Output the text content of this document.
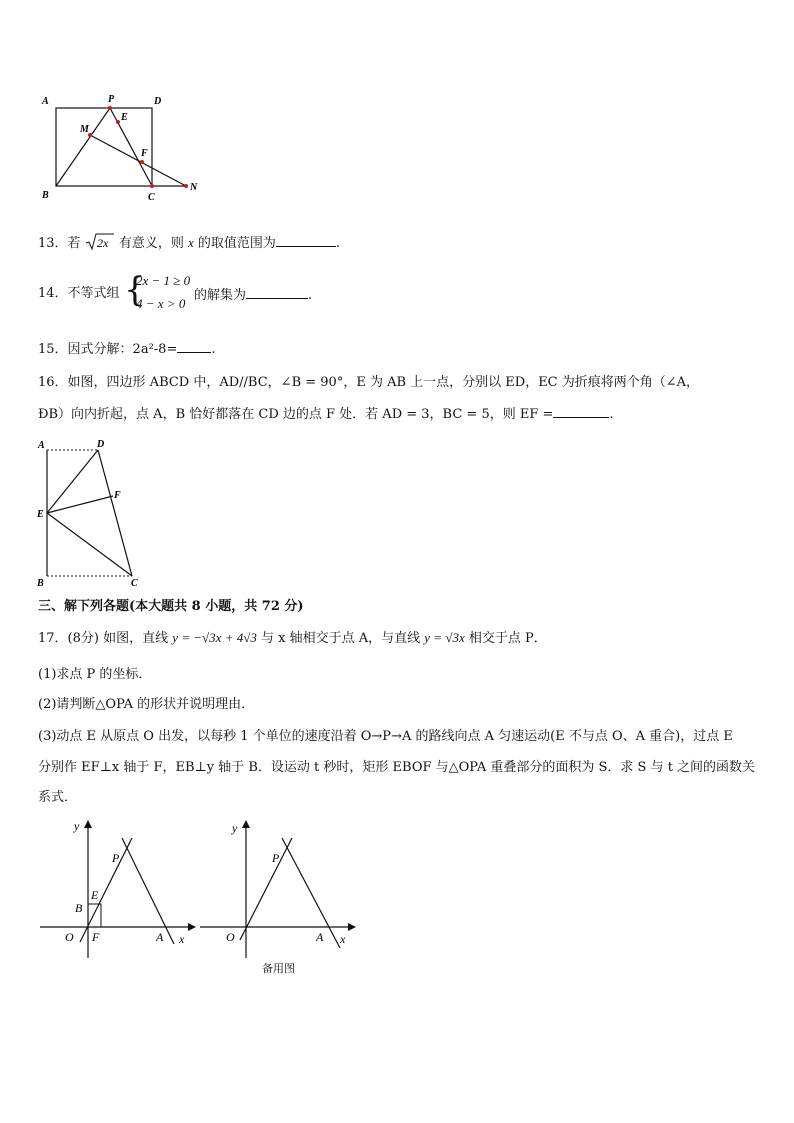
A	P	D
M
E
F
B	C
N
13．若 2x 有意义，则 x 的取值范围为	.
14．不等式组 {
2x − 1 ≥ 0
4 − x > 0
的解集为	.
15．因式分解：2a²-8=	.
16．如图，四边形 ABCD 中，AD//BC，∠B = 90°，E 为 AB 上一点，分别以 ED，EC 为折痕将两个角（∠A，
ÐB）向内折起，点 A，B 恰好都落在 CD 边的点 F 处．若 AD = 3，BC = 5，则 EF =	.
A	D
F
E
B	C
三、解下列各题(本大题共 8 小题，共 72 分)
17．(8分) 如图，直线 y = −√3x + 4√3 与 x 轴相交于点 A，与直线 y = √3x 相交于点 P．
(1)求点 P 的坐标．
(2)请判断△OPA 的形状并说明理由．
(3)动点 E 从原点 O 出发，以每秒 1 个单位的速度沿着 O→P→A 的路线向点 A 匀速运动(E 不与点 O、A 重合)，过点 E
分别作 EF⊥x 轴于 F，EB⊥y 轴于 B．设运动 t 秒时，矩形 EBOF 与△OPA 重叠部分的面积为 S．求 S 与 t 之间的函数关
系式．
y
P
E
B
O F	A x
y
P
O	A x
备用图
